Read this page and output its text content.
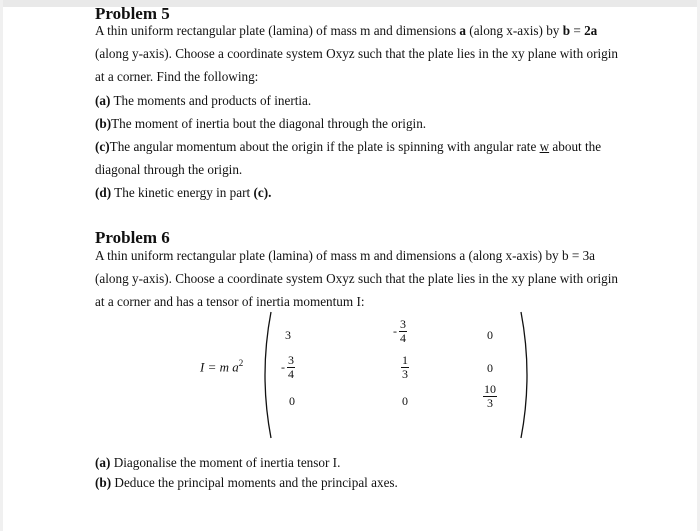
Problem 5
A thin uniform rectangular plate (lamina) of mass m and dimensions a (along x-axis) by b = 2a
(along y-axis). Choose a coordinate system Oxyz such that the plate lies in the xy plane with origin
at a corner. Find the following:
(a) The moments and products of inertia.
(b)The moment of inertia bout the diagonal through the origin.
(c)The angular momentum about the origin if the plate is spinning with angular rate w about the
diagonal through the origin.
(d) The kinetic energy in part (c).
Problem 6
A thin uniform rectangular plate (lamina) of mass m and dimensions a (along x-axis) by b = 3a
(along y-axis). Choose a coordinate system Oxyz such that the plate lies in the xy plane with origin
at a corner and has a tensor of inertia momentum I:
I = m $a^2$
3	- $\frac{3}{4}$	0
- $\frac{3}{4}$	$\frac{1}{3}$	0
0	0	$\frac{10}{3}$
(a) Diagonalise the moment of inertia tensor I.
(b) Deduce the principal moments and the principal axes.
